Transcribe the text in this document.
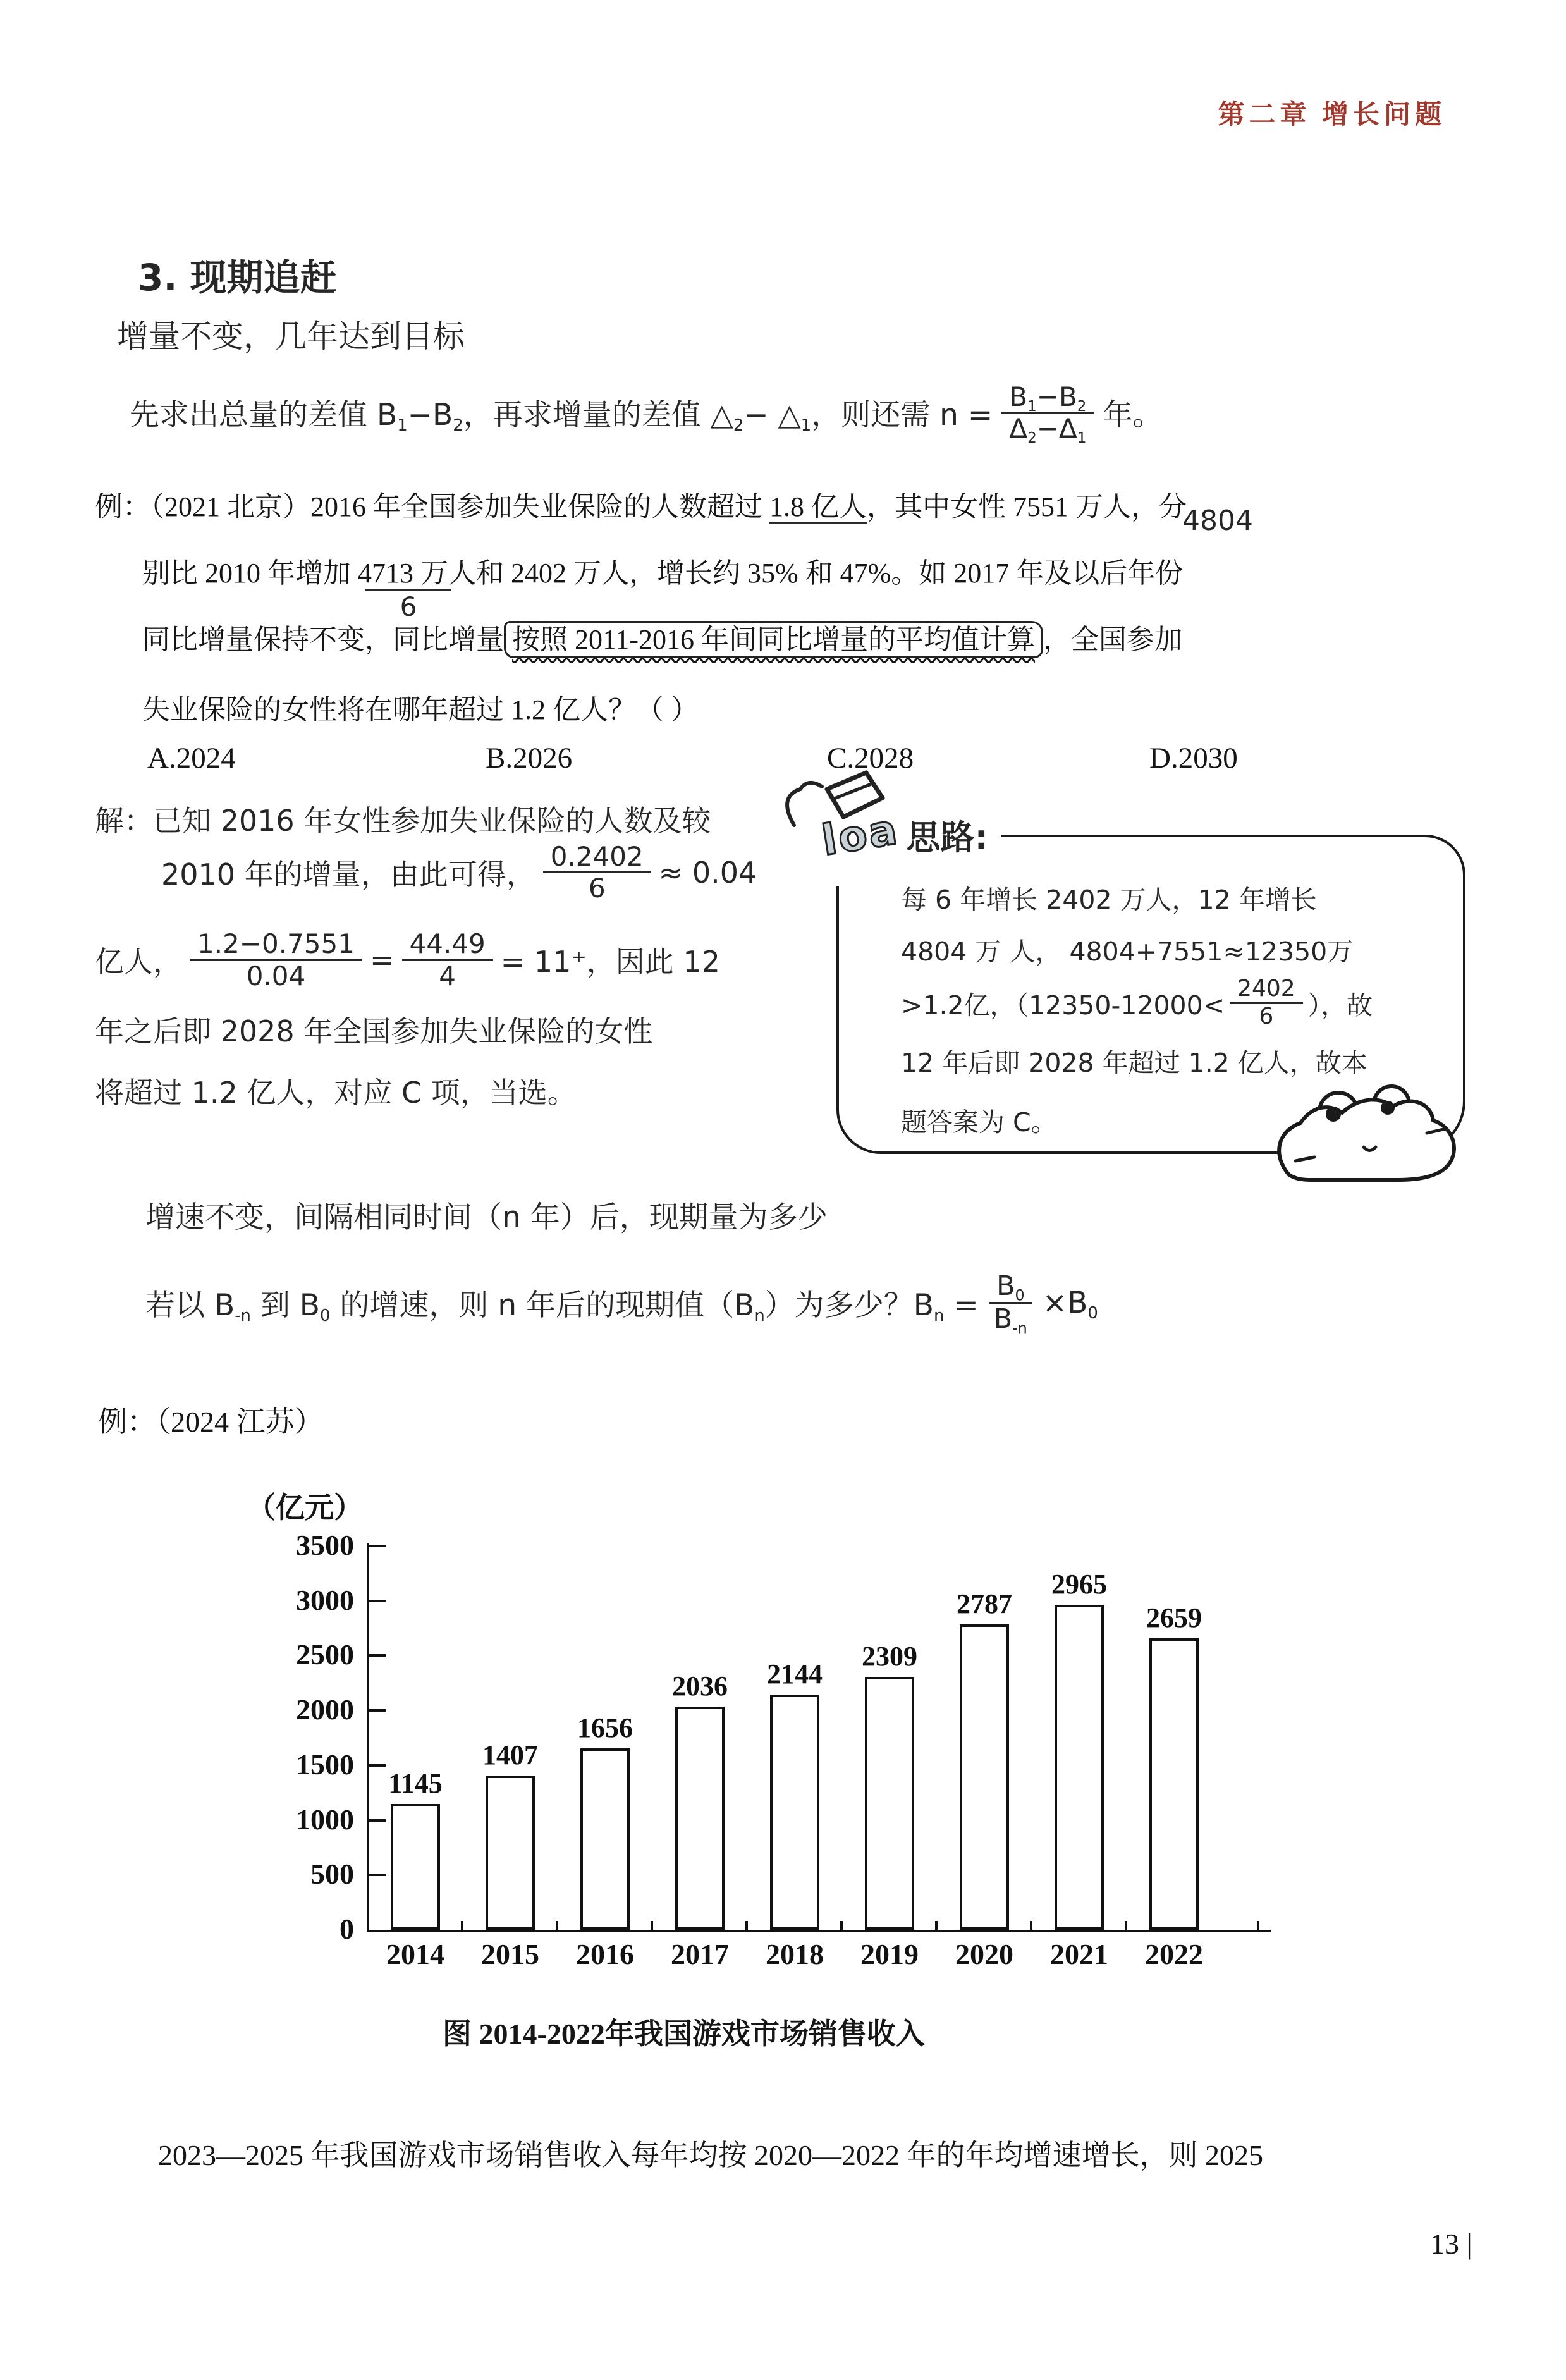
第二章 增长问题
3. 现期追赶
增量不变，几年达到目标
先求出总量的差值 $B_1-B_2$，再求增量的差值 $\triangle_2-$ $\triangle_1$，则还需 $n = \frac{B_1-B_2}{\Delta_2-\Delta_1}$ 年。
例：（2021 北京）2016 年全国参加失业保险的人数超过 1.8 亿人，其中女性 7551 万人，分
4804
别比 2010 年增加 4713 万人和 2402 万人，增长约 35% 和 47%。如 2017 年及以后年份
6
同比增量保持不变，同比增量 按照 2011-2016 年间同比增量的平均值计算 ，全国参加
失业保险的女性将在哪年超过 1.2 亿人？（ ）
A.2024	B.2026	C.2028	D.2030
解：已知 2016 年女性参加失业保险的人数及较
2010 年的增量，由此可得， $\frac{0.2402}{6} \approx 0.04$
亿人， $\frac{1.2-0.7551}{0.04} = \frac{44.49}{4} = 11^+$，因此 12
年之后即 2028 年全国参加失业保险的女性
将超过 1.2 亿人，对应 C 项，当选。
loa 思路:
每 6 年增长 2402 万人，12 年增长
4804 万 人， 4804+7551≈12350万
>1.2亿，（$12350-12000< \frac{2402}{6}$ ），故
12 年后即 2028 年超过 1.2 亿人，故本
题答案为 C。
增速不变，间隔相同时间（n 年）后，现期量为多少
若以 $B_{-n}$ 到 $B_0$ 的增速，则 n 年后的现期值$(B_n)$为多少？$B_n = \frac{B_0}{B_{-n}} \times B_0$
例：（2024 江苏）
（亿元）
0
500
1000
1500
2000
2500
3000
3500
1145
2014
1407
2015
1656
2016
2036
2017
2144
2018
2309
2019
2787
2020
2965
2021
2659
2022
图 2014-2022年我国游戏市场销售收入
2023—2025 年我国游戏市场销售收入每年均按 2020—2022 年的年均增速增长，则 2025
13 |
